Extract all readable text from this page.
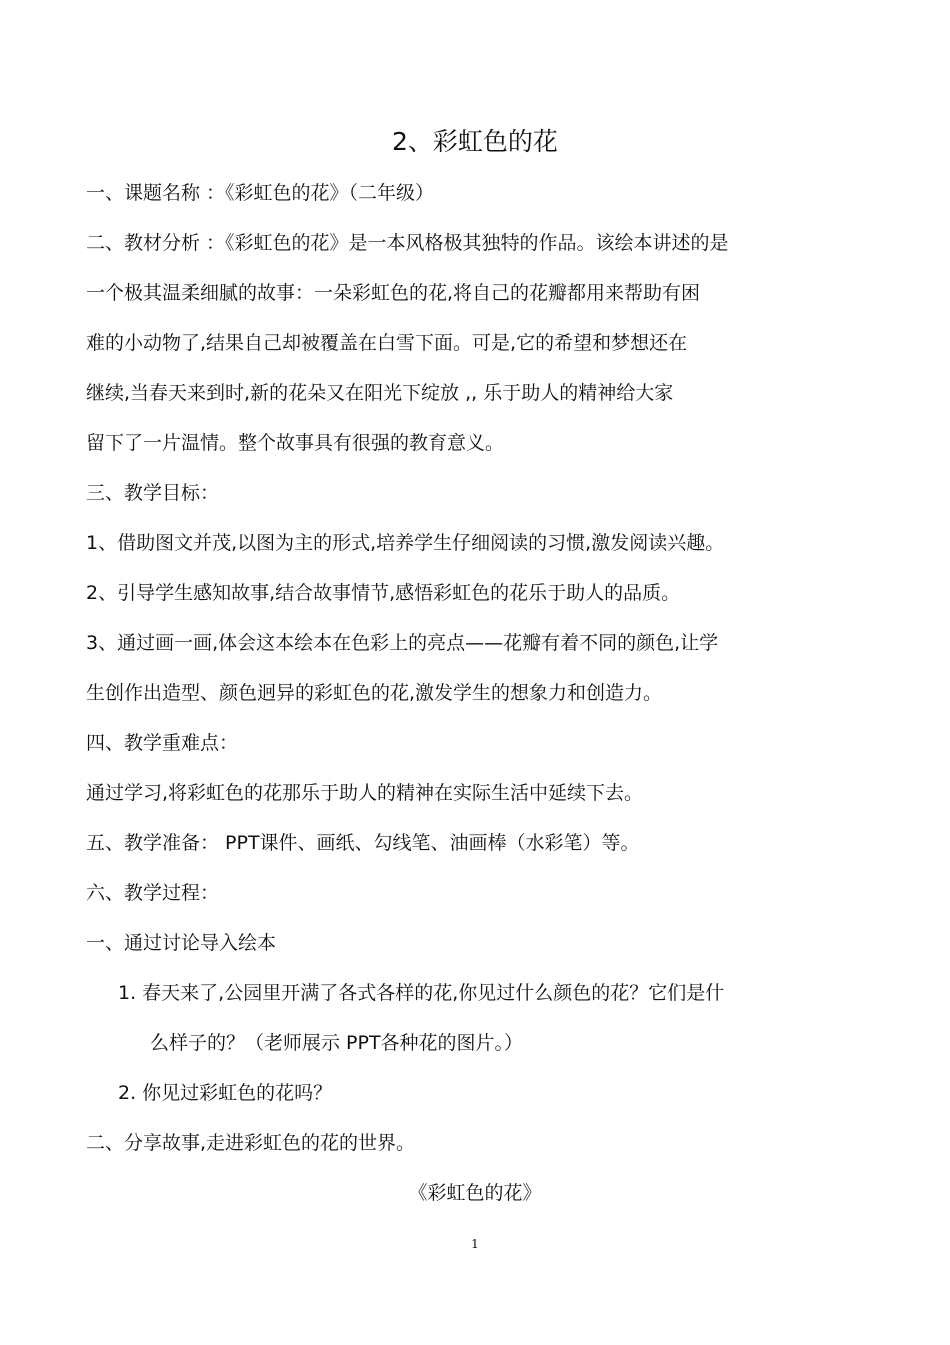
2、彩虹色的花
一、课题名称 ：《彩虹色的花》（二年级）
二、教材分析 ：《彩虹色的花》是一本风格极其独特的作品。该绘本讲述的是
一个极其温柔细腻的故事：一朵彩虹色的花,将自己的花瓣都用来帮助有困
难的小动物了,结果自己却被覆盖在白雪下面。可是,它的希望和梦想还在
继续,当春天来到时,新的花朵又在阳光下绽放 ,, 乐于助人的精神给大家
留下了一片温情。整个故事具有很强的教育意义。
三、教学目标：
1、借助图文并茂,以图为主的形式,培养学生仔细阅读的习惯,激发阅读兴趣。
2、引导学生感知故事,结合故事情节,感悟彩虹色的花乐于助人的品质。
3、通过画一画,体会这本绘本在色彩上的亮点——花瓣有着不同的颜色,让学
生创作出造型、颜色迥异的彩虹色的花,激发学生的想象力和创造力。
四、教学重难点：
通过学习,将彩虹色的花那乐于助人的精神在实际生活中延续下去。
五、教学准备： PPT课件、画纸、勾线笔、油画棒（水彩笔）等。
六、教学过程：
一、通过讨论导入绘本
1. 春天来了,公园里开满了各式各样的花,你见过什么颜色的花？它们是什
么样子的？（老师展示 PPT各种花的图片。）
2. 你见过彩虹色的花吗？
二、分享故事,走进彩虹色的花的世界。
《彩虹色的花》
1
